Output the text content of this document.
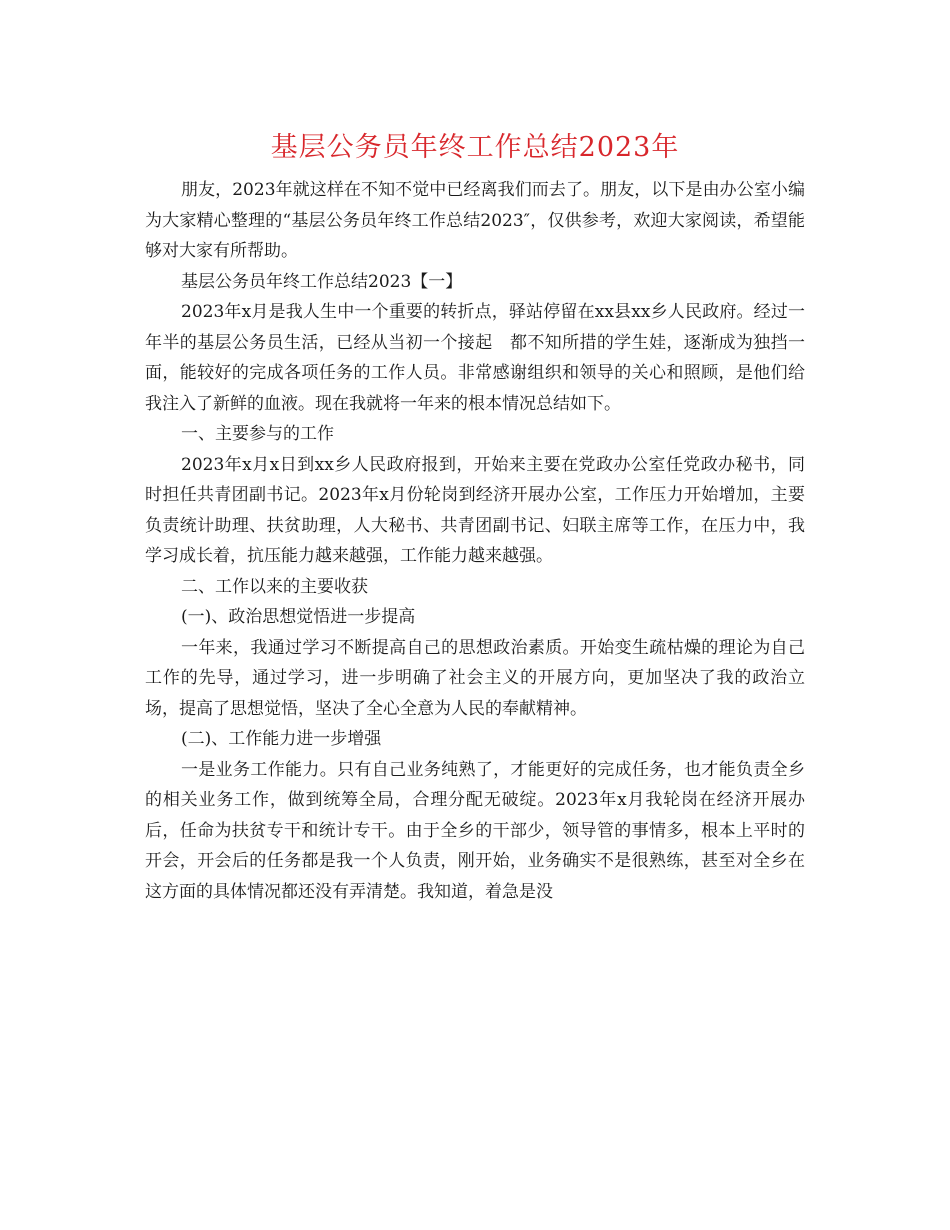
基层公务员年终工作总结2023年

朋友，2023年就这样在不知不觉中已经离我们而去了。朋友，以下是由办公室小编为大家精心整理的“基层公务员年终工作总结2023″，仅供参考，欢迎大家阅读，希望能够对大家有所帮助。

基层公务员年终工作总结2023【一】

2023年x月是我人生中一个重要的转折点，驿站停留在xx县xx乡人民政府。经过一年半的基层公务员生活，已经从当初一个接起　都不知所措的学生娃，逐渐成为独挡一面，能较好的完成各项任务的工作人员。非常感谢组织和领导的关心和照顾，是他们给我注入了新鲜的血液。现在我就将一年来的根本情况总结如下。

一、主要参与的工作

2023年x月x日到xx乡人民政府报到，开始来主要在党政办公室任党政办秘书，同时担任共青团副书记。2023年x月份轮岗到经济开展办公室，工作压力开始增加，主要负责统计助理、扶贫助理，人大秘书、共青团副书记、妇联主席等工作，在压力中，我学习成长着，抗压能力越来越强，工作能力越来越强。

二、工作以来的主要收获

(一)、政治思想觉悟进一步提高

一年来，我通过学习不断提高自己的思想政治素质。开始变生疏枯燥的理论为自己工作的先导，通过学习，进一步明确了社会主义的开展方向，更加坚决了我的政治立场，提高了思想觉悟，坚决了全心全意为人民的奉献精神。

(二)、工作能力进一步增强

一是业务工作能力。只有自己业务纯熟了，才能更好的完成任务，也才能负责全乡的相关业务工作，做到统筹全局，合理分配无破绽。2023年x月我轮岗在经济开展办后，任命为扶贫专干和统计专干。由于全乡的干部少，领导管的事情多，根本上平时的开会，开会后的任务都是我一个人负责，刚开始，业务确实不是很熟练，甚至对全乡在这方面的具体情况都还没有弄清楚。我知道，着急是没
